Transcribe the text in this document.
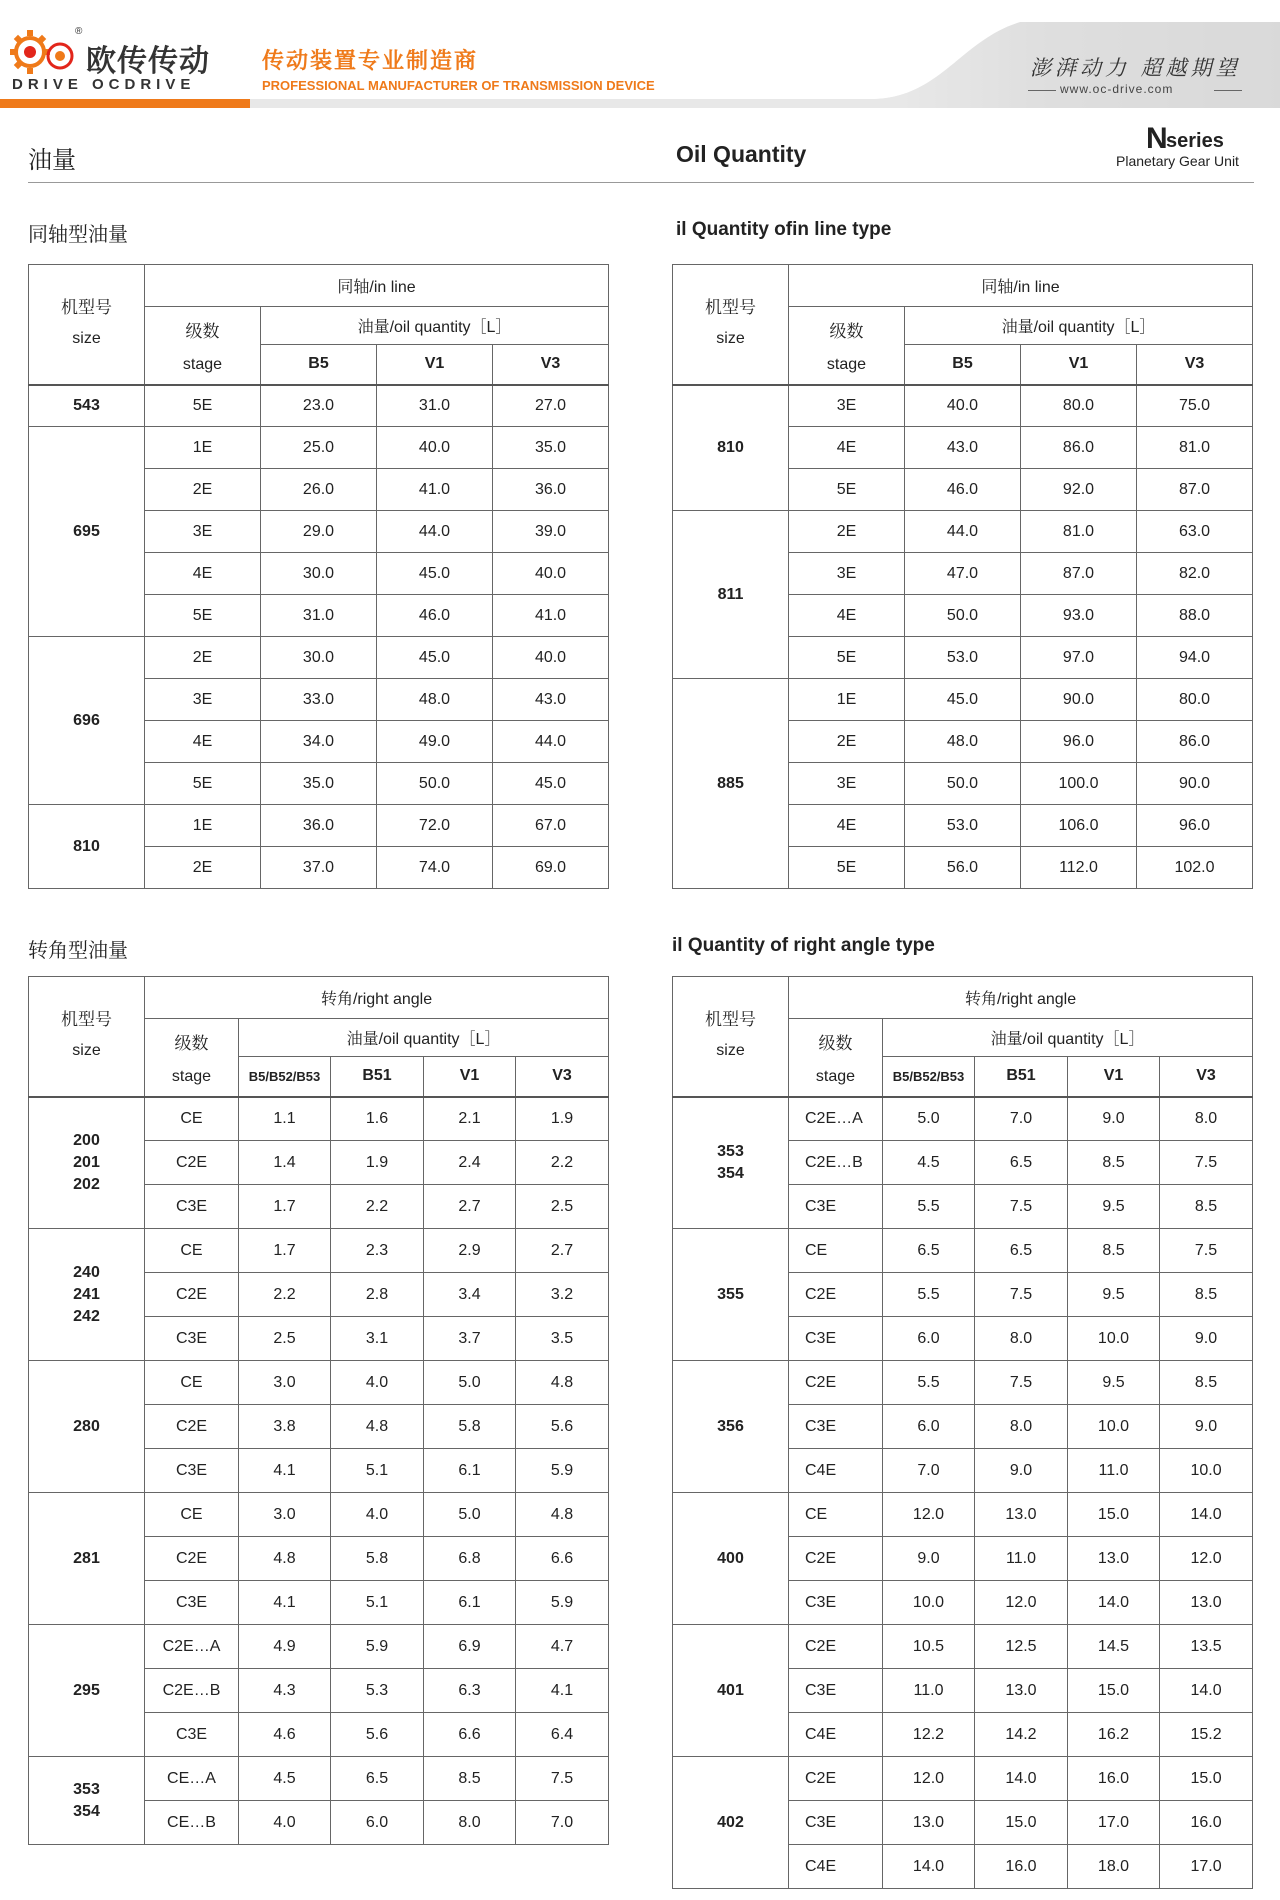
®
欧传传动
DRIVE OCDRIVE
传动装置专业制造商
PROFESSIONAL MANUFACTURER OF TRANSMISSION DEVICE
澎湃动力 超越期望
www.oc-drive.com
油量	Oil Quantity	N
series
Planetary Gear Unit
同轴型油量	il Quantity ofin line type
转角型油量	il Quantity of right angle type
机型号
size	同轴/in line			

	级数
stage	油量/oil quantity［L］		
		B5	V1	V3

543	5E	23.0	31.0	27.0

695	1E	25.0	40.0	35.0
	2E	26.0	41.0	36.0
	3E	29.0	44.0	39.0
	4E	30.0	45.0	40.0
	5E	31.0	46.0	41.0

696	2E	30.0	45.0	40.0
	3E	33.0	48.0	43.0
	4E	34.0	49.0	44.0
	5E	35.0	50.0	45.0

810	1E	36.0	72.0	67.0
	2E	37.0	74.0	69.0
机型号
size	同轴/in line			

	级数
stage	油量/oil quantity［L］		
		B5	V1	V3

810	3E	40.0	80.0	75.0
	4E	43.0	86.0	81.0
	5E	46.0	92.0	87.0

811	2E	44.0	81.0	63.0
	3E	47.0	87.0	82.0
	4E	50.0	93.0	88.0
	5E	53.0	97.0	94.0

885	1E	45.0	90.0	80.0
	2E	48.0	96.0	86.0
	3E	50.0	100.0	90.0
	4E	53.0	106.0	96.0
	5E	56.0	112.0	102.0
机型号
size	转角/right angle				

	级数
stage	油量/oil quantity［L］			
		B5/B52/B53	B51	V1	V3

200
201
202	CE	1.1	1.6	2.1	1.9
	C2E	1.4	1.9	2.4	2.2
	C3E	1.7	2.2	2.7	2.5

240
241
242	CE	1.7	2.3	2.9	2.7
	C2E	2.2	2.8	3.4	3.2
	C3E	2.5	3.1	3.7	3.5

280	CE	3.0	4.0	5.0	4.8
	C2E	3.8	4.8	5.8	5.6
	C3E	4.1	5.1	6.1	5.9

281	CE	3.0	4.0	5.0	4.8
	C2E	4.8	5.8	6.8	6.6
	C3E	4.1	5.1	6.1	5.9

295	C2E…A	4.9	5.9	6.9	4.7
	C2E…B	4.3	5.3	6.3	4.1
	C3E	4.6	5.6	6.6	6.4

353
354	CE…A	4.5	6.5	8.5	7.5
	CE…B	4.0	6.0	8.0	7.0
机型号
size	转角/right angle				

	级数
stage	油量/oil quantity［L］			
		B5/B52/B53	B51	V1	V3

353
354	C2E…A	5.0	7.0	9.0	8.0
	C2E…B	4.5	6.5	8.5	7.5
	C3E	5.5	7.5	9.5	8.5

355	CE	6.5	6.5	8.5	7.5
	C2E	5.5	7.5	9.5	8.5
	C3E	6.0	8.0	10.0	9.0

356	C2E	5.5	7.5	9.5	8.5
	C3E	6.0	8.0	10.0	9.0
	C4E	7.0	9.0	11.0	10.0

400	CE	12.0	13.0	15.0	14.0
	C2E	9.0	11.0	13.0	12.0
	C3E	10.0	12.0	14.0	13.0

401	C2E	10.5	12.5	14.5	13.5
	C3E	11.0	13.0	15.0	14.0
	C4E	12.2	14.2	16.2	15.2

402	C2E	12.0	14.0	16.0	15.0
	C3E	13.0	15.0	17.0	16.0
	C4E	14.0	16.0	18.0	17.0
